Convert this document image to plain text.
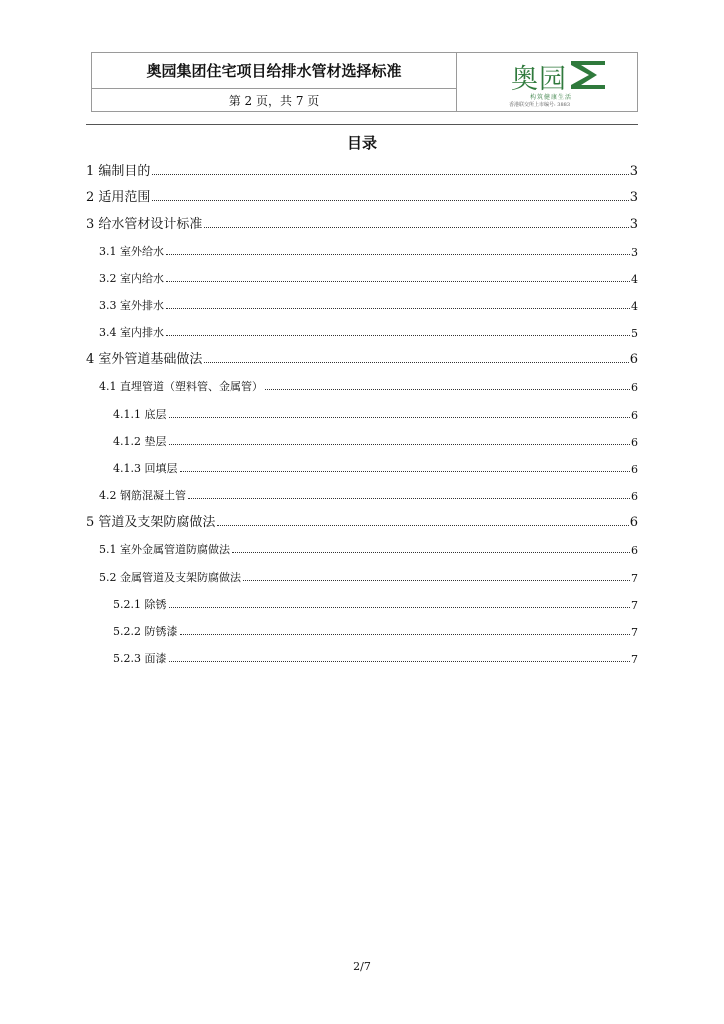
奥园集团住宅项目给排水管材选择标准
第 2 页，共 7 页
奥园
构筑健康生活
香港联交所上市编号: 3883
目录
1 编制目的	3
2 适用范围	3
3 给水管材设计标准	3
3.1 室外给水	3
3.2 室内给水	4
3.3 室外排水	4
3.4 室内排水	5
4 室外管道基础做法	6
4.1 直埋管道（塑料管、金属管）	6
4.1.1 底层	6
4.1.2 垫层	6
4.1.3 回填层	6
4.2 钢筋混凝土管	6
5 管道及支架防腐做法	6
5.1 室外金属管道防腐做法	6
5.2 金属管道及支架防腐做法	7
5.2.1 除锈	7
5.2.2 防锈漆	7
5.2.3 面漆	7
2/7
